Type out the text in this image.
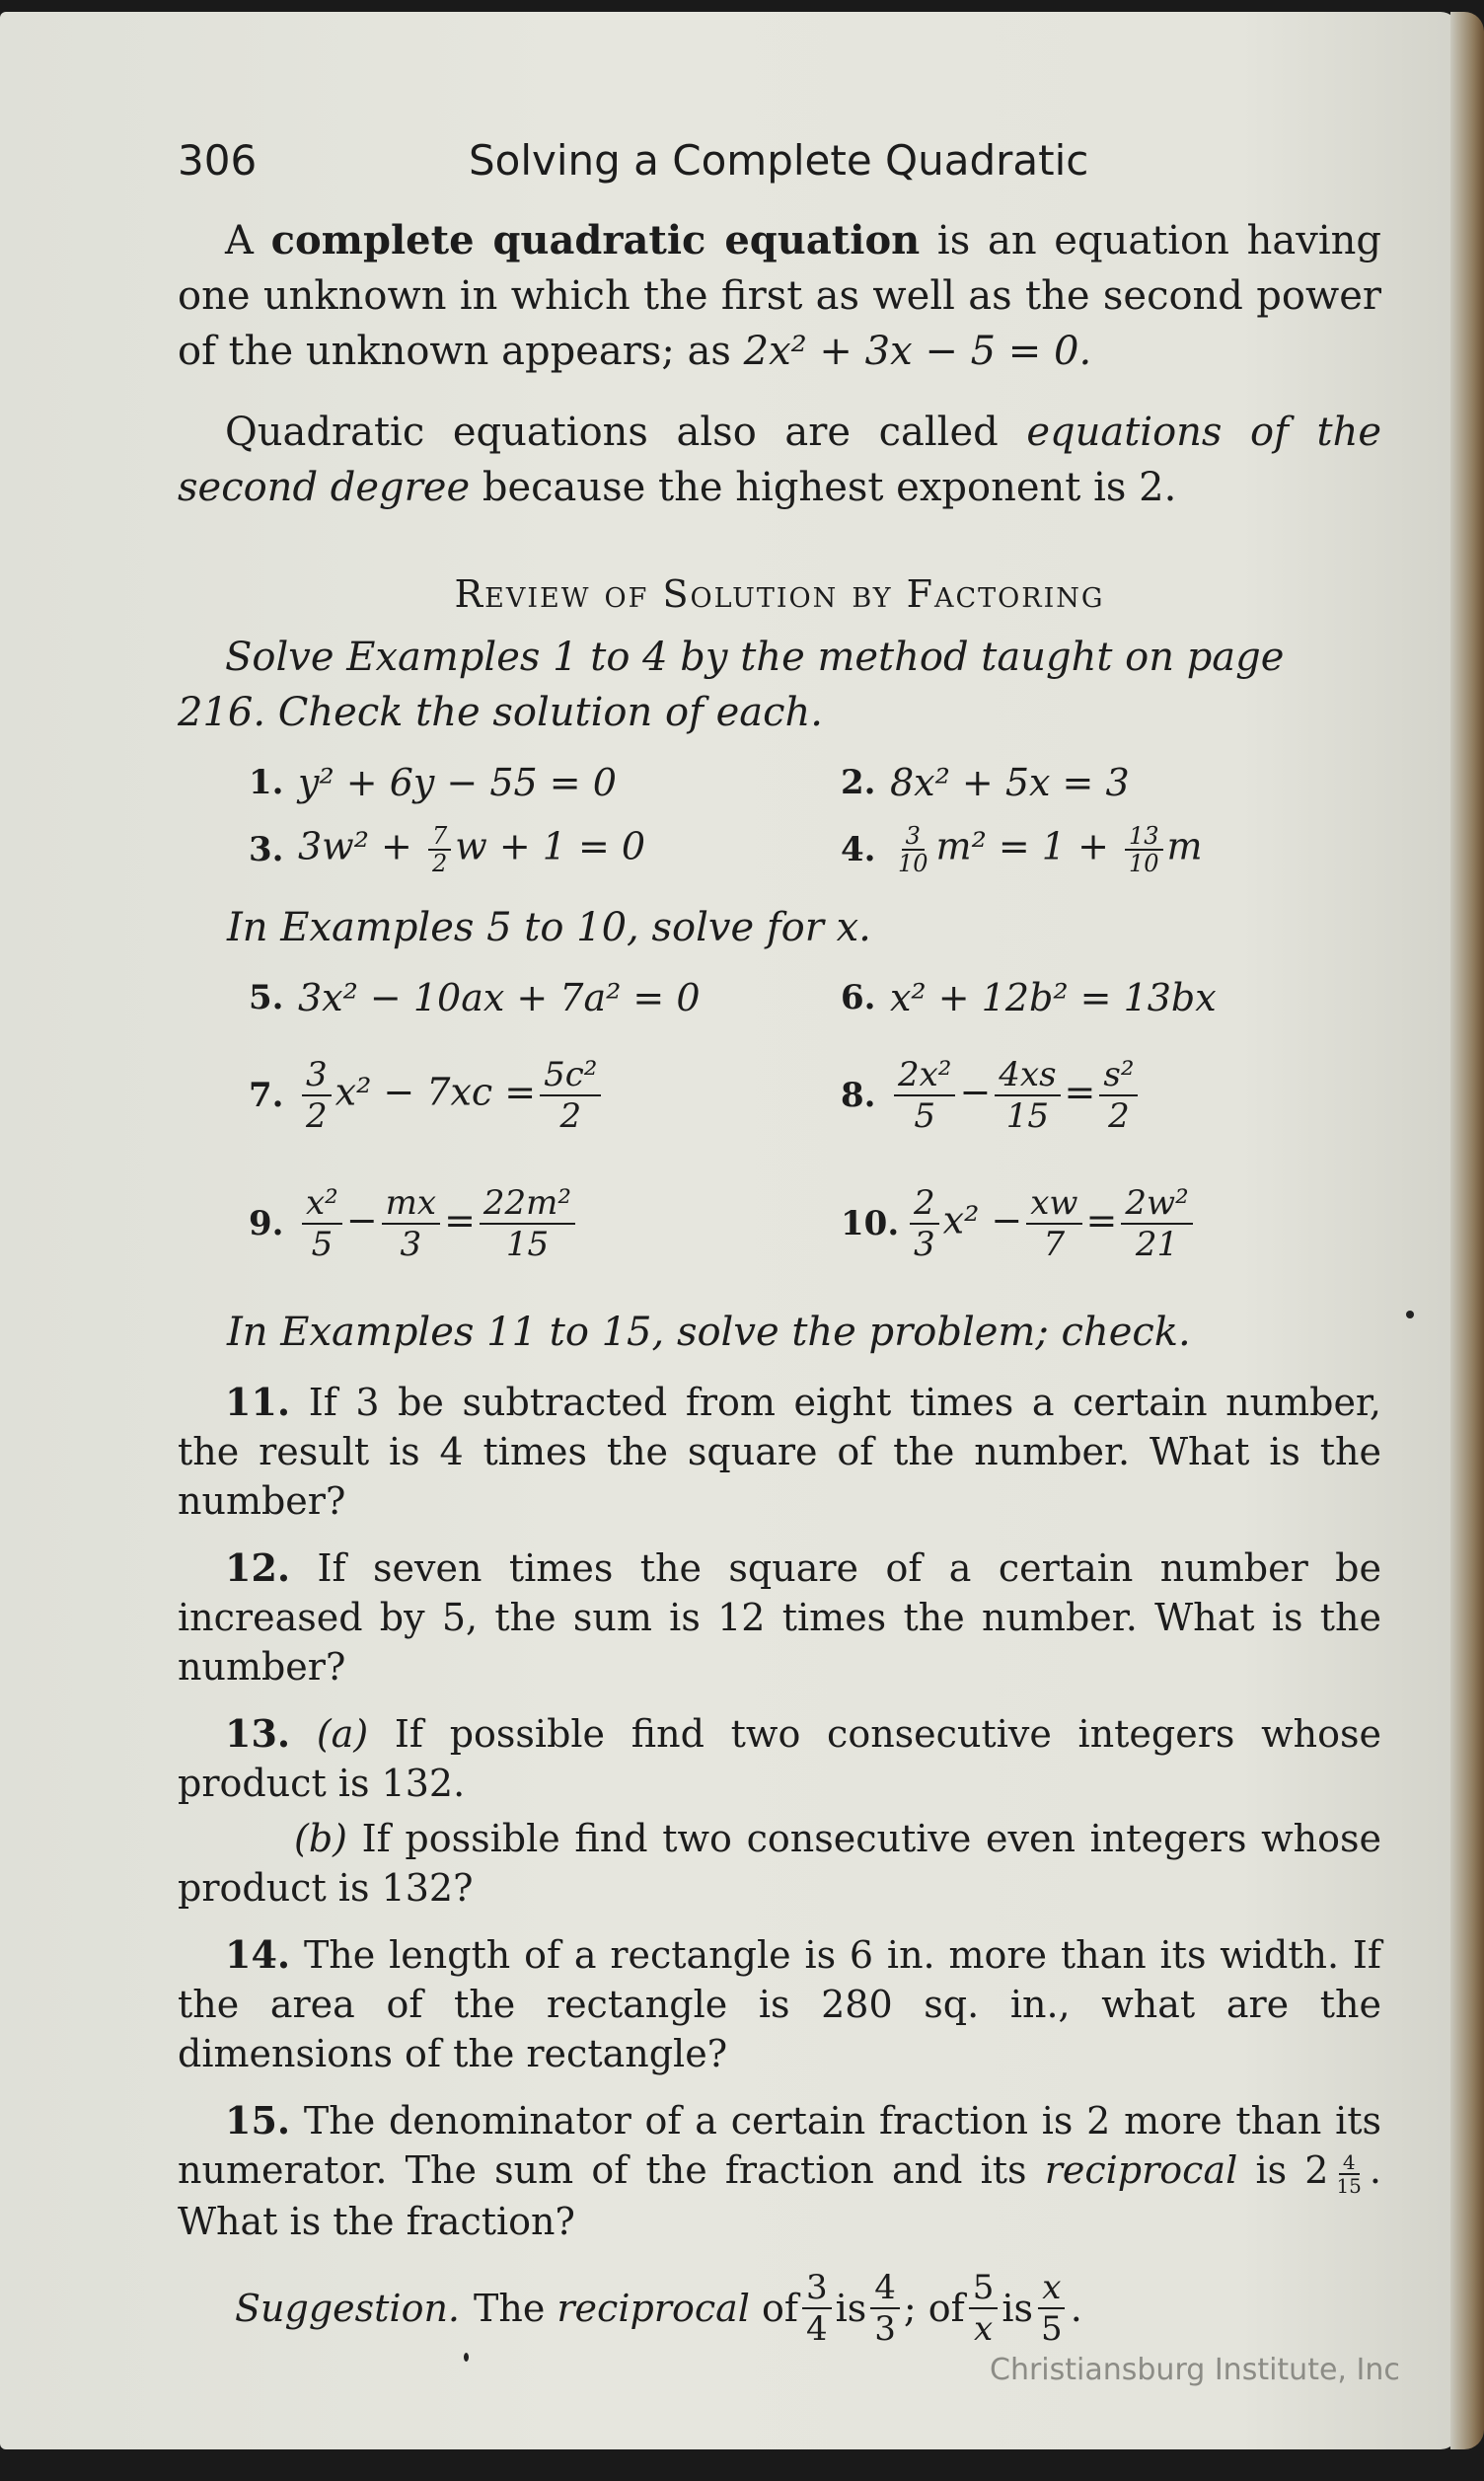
306	Solving a Complete Quadratic

A complete quadratic equation is an equation having one unknown in which the first as well as the second power of the unknown appears; as 2x² + 3x − 5 = 0.

Quadratic equations also are called equations of the second degree because the highest exponent is 2.

Review of Solution by Factoring

Solve Examples 1 to 4 by the method taught on page 216. Check the solution of each.

1. y² + 6y − 55 = 0	2. 8x² + 5x = 3
3. $3w^2 + \frac{7}{2}$ w + 1 = 0	4. $\frac{3}{10} m^2 = 1 + \frac{13}{10}$ m

In Examples 5 to 10, solve for x.

5. 3x² − 10ax + 7a² = 0	6. x² + 12b² = 13bx
7. $\frac{3}{2} x^2 - 7xc = \frac{\text{5c²}}{2}$	8. $\frac{\text{2x²}}{5} - \frac{4xs}{15} = \frac{\text{s²}}{2}$
9. $\frac{\text{x²}}{5} - \frac{mx}{3} = \frac{\text{22m²}}{15}$	10. $\frac{2}{3} x^2 - \frac{xw}{7} = \frac{\text{2w²}}{21}$

In Examples 11 to 15, solve the problem; check.

11. If 3 be subtracted from eight times a certain number, the result is 4 times the square of the number. What is the number?

12. If seven times the square of a certain number be increased by 5, the sum is 12 times the number. What is the number?

13. (a) If possible find two consecutive integers whose product is 132.

(b) If possible find two consecutive even integers whose product is 132?

14. The length of a rectangle is 6 in. more than its width. If the area of the rectangle is 280 sq. in., what are the dimensions of the rectangle?

15. The denominator of a certain fraction is 2 more than its numerator. The sum of the fraction and its reciprocal is $2 \frac{4}{15}$ . What is the fraction?

Suggestion. The reciprocal of $\frac{3}{4}$ is $\frac{4}{3}$ ; of $\frac{5}{x}$ is $\frac{x}{5}$ .
Christiansburg Institute, Inc
